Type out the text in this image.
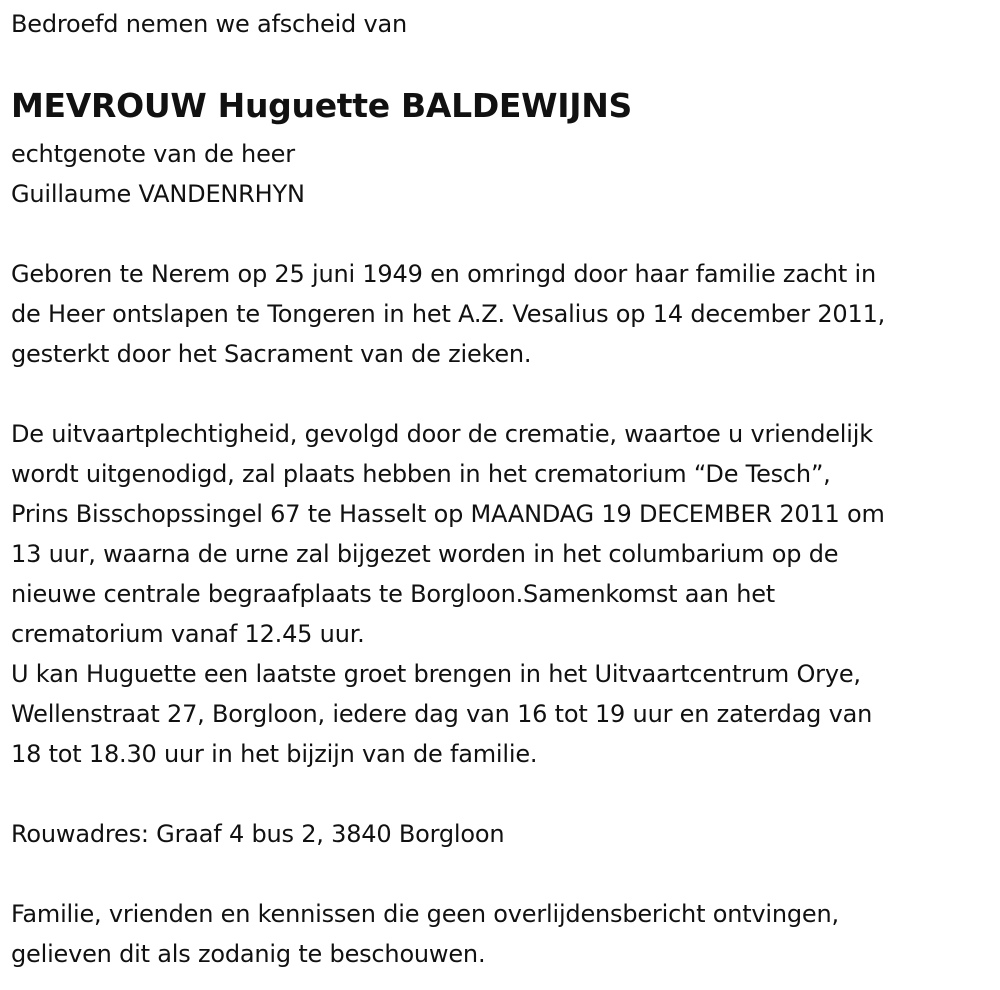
Bedroefd nemen we afscheid van

MEVROUW Huguette BALDEWIJNS

echtgenote van de heer

Guillaume VANDENRHYN

Geboren te Nerem op 25 juni 1949 en omringd door haar familie zacht in

de Heer ontslapen te Tongeren in het A.Z. Vesalius op 14 december 2011,

gesterkt door het Sacrament van de zieken.

De uitvaartplechtigheid, gevolgd door de crematie, waartoe u vriendelijk

wordt uitgenodigd, zal plaats hebben in het crematorium “De Tesch”,

Prins Bisschopssingel 67 te Hasselt op MAANDAG 19 DECEMBER 2011 om

13 uur, waarna de urne zal bijgezet worden in het columbarium op de

nieuwe centrale begraafplaats te Borgloon.Samenkomst aan het

crematorium vanaf 12.45 uur.

U kan Huguette een laatste groet brengen in het Uitvaartcentrum Orye,

Wellenstraat 27, Borgloon, iedere dag van 16 tot 19 uur en zaterdag van

18 tot 18.30 uur in het bijzijn van de familie.

Rouwadres: Graaf 4 bus 2, 3840 Borgloon

Familie, vrienden en kennissen die geen overlijdensbericht ontvingen,

gelieven dit als zodanig te beschouwen.
